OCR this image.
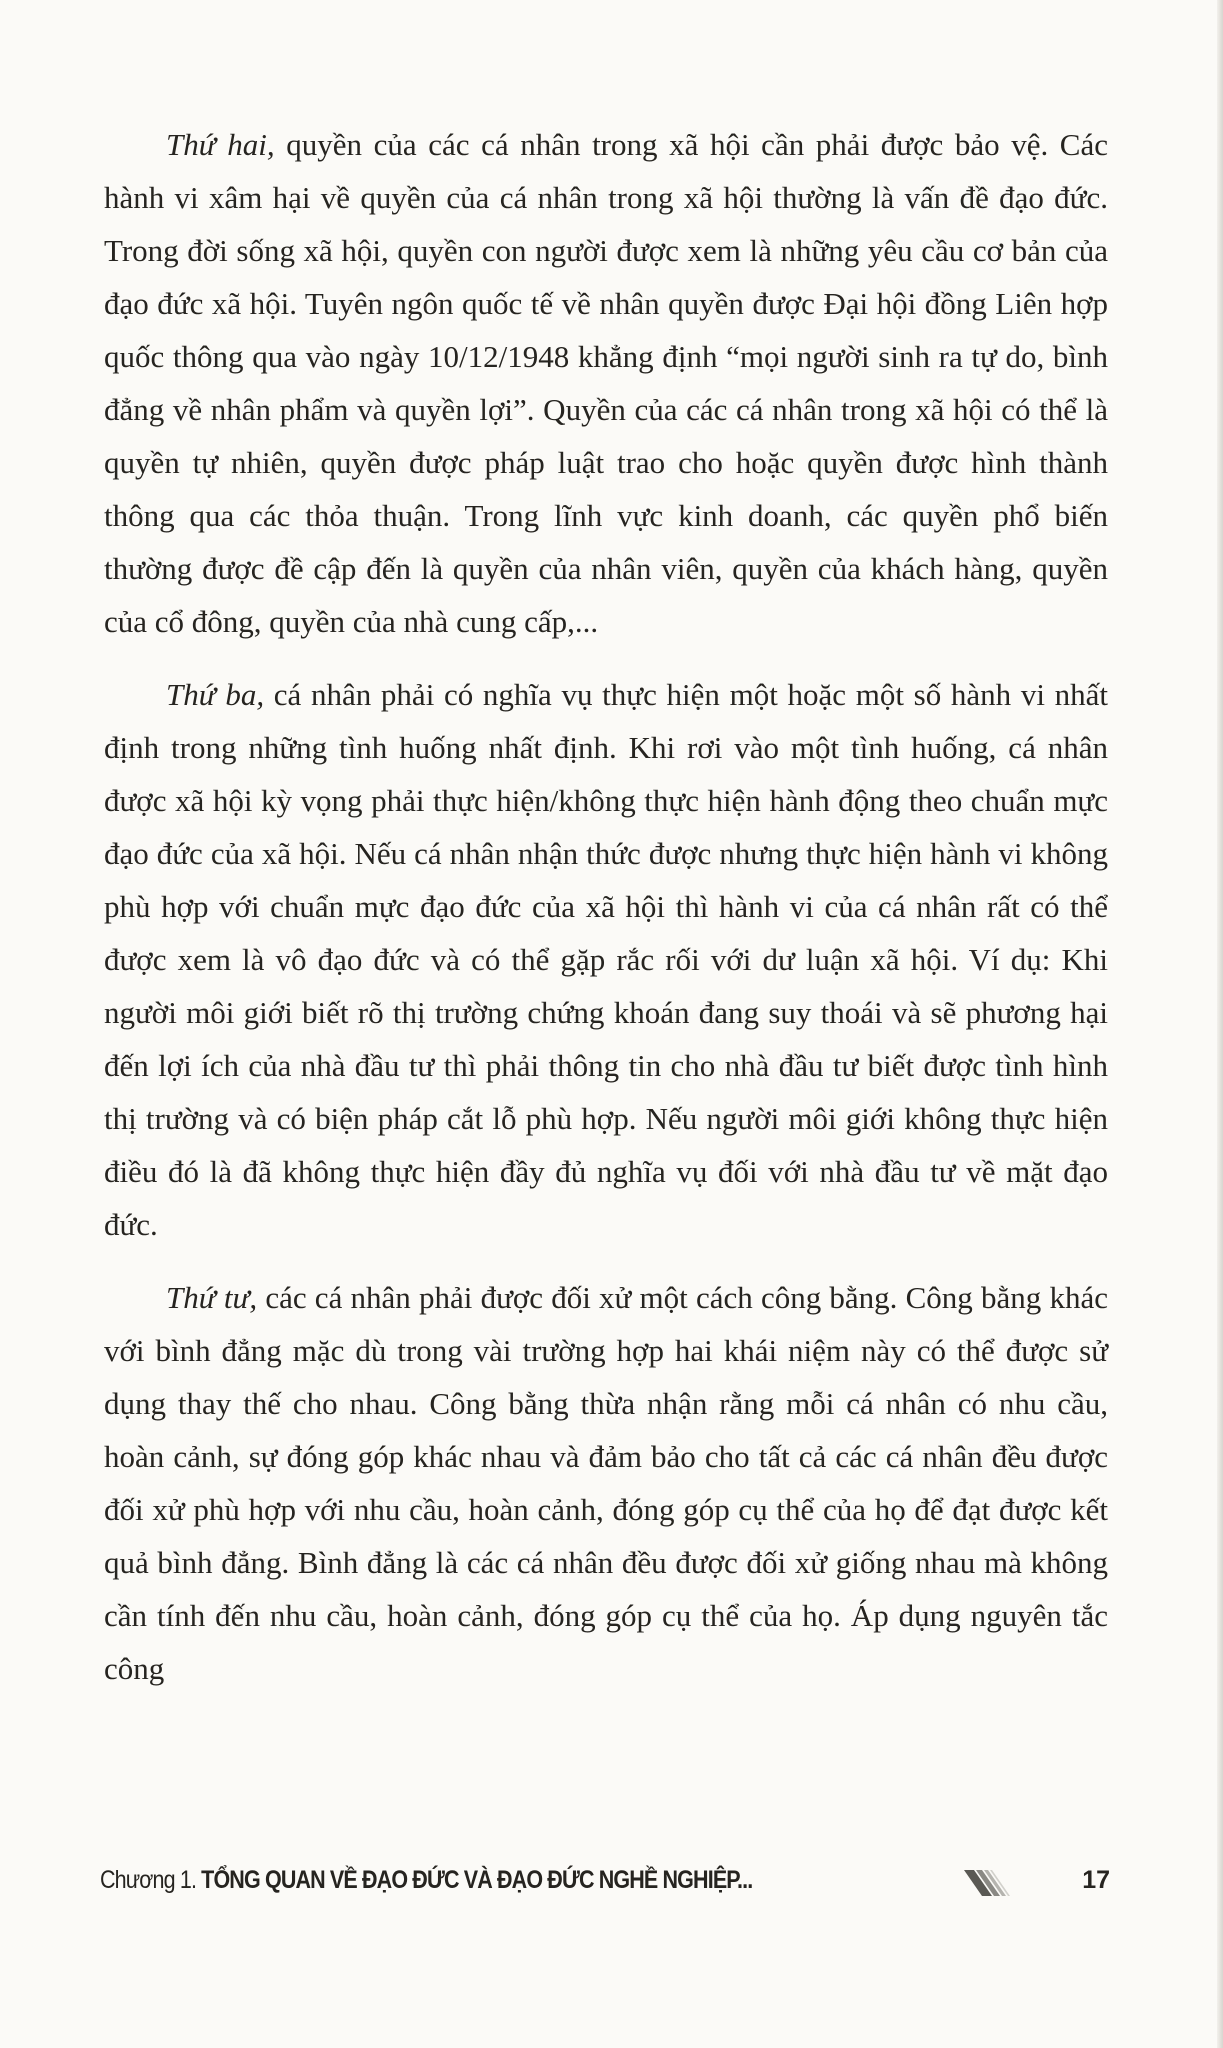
Thứ hai, quyền của các cá nhân trong xã hội cần phải được bảo vệ. Các hành vi xâm hại về quyền của cá nhân trong xã hội thường là vấn đề đạo đức. Trong đời sống xã hội, quyền con người được xem là những yêu cầu cơ bản của đạo đức xã hội. Tuyên ngôn quốc tế về nhân quyền được Đại hội đồng Liên hợp quốc thông qua vào ngày 10/12/1948 khẳng định “mọi người sinh ra tự do, bình đẳng về nhân phẩm và quyền lợi”. Quyền của các cá nhân trong xã hội có thể là quyền tự nhiên, quyền được pháp luật trao cho hoặc quyền được hình thành thông qua các thỏa thuận. Trong lĩnh vực kinh doanh, các quyền phổ biến thường được đề cập đến là quyền của nhân viên, quyền của khách hàng, quyền của cổ đông, quyền của nhà cung cấp,...

Thứ ba, cá nhân phải có nghĩa vụ thực hiện một hoặc một số hành vi nhất định trong những tình huống nhất định. Khi rơi vào một tình huống, cá nhân được xã hội kỳ vọng phải thực hiện/không thực hiện hành động theo chuẩn mực đạo đức của xã hội. Nếu cá nhân nhận thức được nhưng thực hiện hành vi không phù hợp với chuẩn mực đạo đức của xã hội thì hành vi của cá nhân rất có thể được xem là vô đạo đức và có thể gặp rắc rối với dư luận xã hội. Ví dụ: Khi người môi giới biết rõ thị trường chứng khoán đang suy thoái và sẽ phương hại đến lợi ích của nhà đầu tư thì phải thông tin cho nhà đầu tư biết được tình hình thị trường và có biện pháp cắt lỗ phù hợp. Nếu người môi giới không thực hiện điều đó là đã không thực hiện đầy đủ nghĩa vụ đối với nhà đầu tư về mặt đạo đức.

Thứ tư, các cá nhân phải được đối xử một cách công bằng. Công bằng khác với bình đẳng mặc dù trong vài trường hợp hai khái niệm này có thể được sử dụng thay thế cho nhau. Công bằng thừa nhận rằng mỗi cá nhân có nhu cầu, hoàn cảnh, sự đóng góp khác nhau và đảm bảo cho tất cả các cá nhân đều được đối xử phù hợp với nhu cầu, hoàn cảnh, đóng góp cụ thể của họ để đạt được kết quả bình đẳng. Bình đẳng là các cá nhân đều được đối xử giống nhau mà không cần tính đến nhu cầu, hoàn cảnh, đóng góp cụ thể của họ. Áp dụng nguyên tắc công

Chương 1. TỔNG QUAN VỀ ĐẠO ĐỨC VÀ ĐẠO ĐỨC NGHỀ NGHIỆP...	17
